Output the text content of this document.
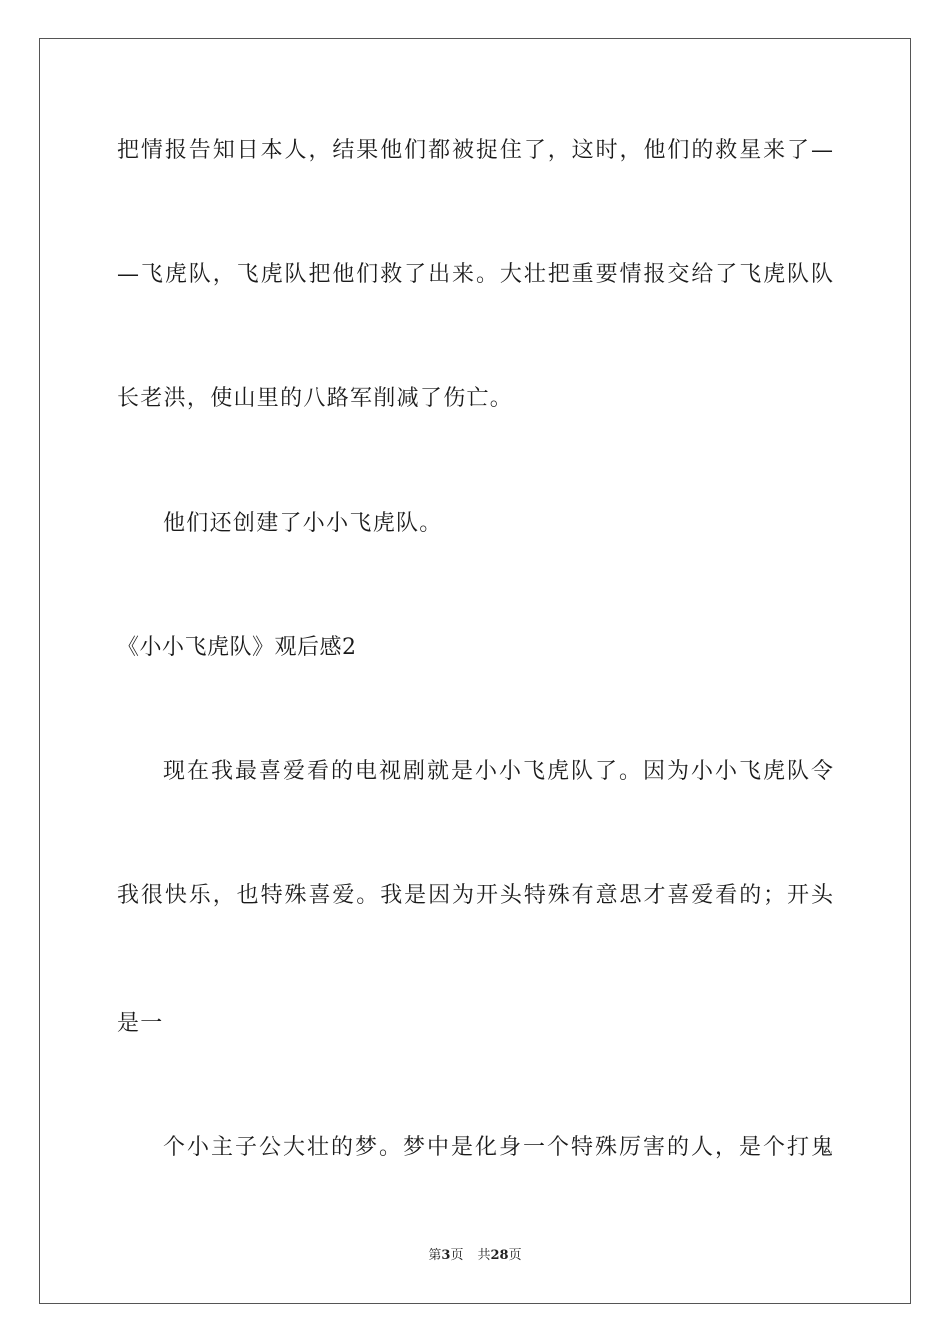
把情报告知日本人，结果他们都被捉住了，这时，他们的救星来了—
—飞虎队，飞虎队把他们救了出来。大壮把重要情报交给了飞虎队队
长老洪，使山里的八路军削减了伤亡。
他们还创建了小小飞虎队。
《小小飞虎队》观后感2
现在我最喜爱看的电视剧就是小小飞虎队了。因为小小飞虎队令
我很快乐，也特殊喜爱。我是因为开头特殊有意思才喜爱看的；开头
是一
个小主子公大壮的梦。梦中是化身一个特殊厉害的人，是个打鬼
第3页 共28页
